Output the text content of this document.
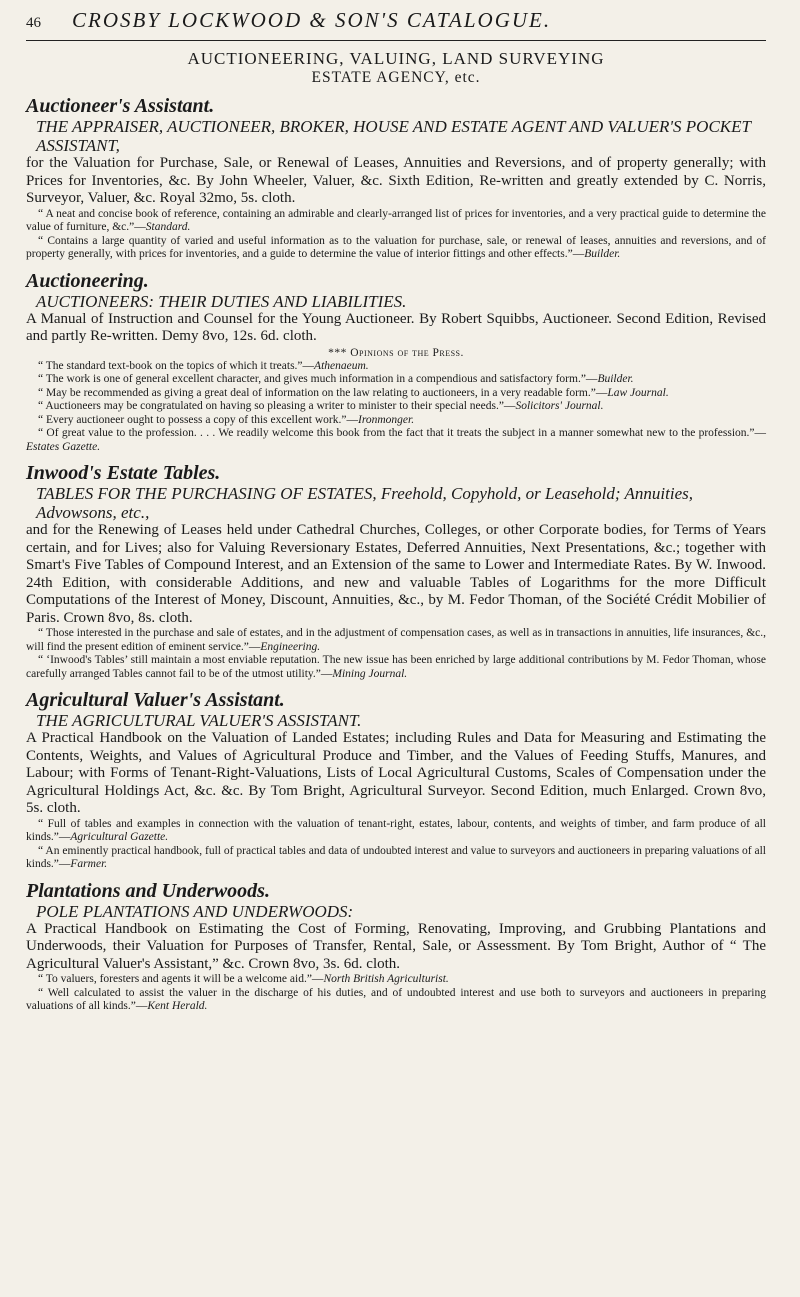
46	CROSBY LOCKWOOD & SON'S CATALOGUE.
AUCTIONEERING, VALUING, LAND SURVEYING
ESTATE AGENCY, etc.
Auctioneer's Assistant.
THE APPRAISER, AUCTIONEER, BROKER, HOUSE AND ESTATE AGENT AND VALUER'S POCKET ASSISTANT,

for the Valuation for Purchase, Sale, or Renewal of Leases, Annuities and Reversions, and of property generally; with Prices for Inventories, &c. By John Wheeler, Valuer, &c. Sixth Edition, Re-written and greatly extended by C. Norris, Surveyor, Valuer, &c. Royal 32mo, 5s. cloth.

“ A neat and concise book of reference, containing an admirable and clearly-arranged list of prices for inventories, and a very practical guide to determine the value of furniture, &c.”—Standard.

“ Contains a large quantity of varied and useful information as to the valuation for purchase, sale, or renewal of leases, annuities and reversions, and of property generally, with prices for inventories, and a guide to determine the value of interior fittings and other effects.”—Builder.

Auctioneering.
AUCTIONEERS: THEIR DUTIES AND LIABILITIES.

A Manual of Instruction and Counsel for the Young Auctioneer. By Robert Squibbs, Auctioneer. Second Edition, Revised and partly Re-written. Demy 8vo, 12s. 6d. cloth.

*** Opinions of the Press.

“ The standard text-book on the topics of which it treats.”—Athenaeum.

“ The work is one of general excellent character, and gives much information in a compendious and satisfactory form.”—Builder.

“ May be recommended as giving a great deal of information on the law relating to auctioneers, in a very readable form.”—Law Journal.

“ Auctioneers may be congratulated on having so pleasing a writer to minister to their special needs.”—Solicitors' Journal.

“ Every auctioneer ought to possess a copy of this excellent work.”—Ironmonger.

“ Of great value to the profession. . . . We readily welcome this book from the fact that it treats the subject in a manner somewhat new to the profession.”—Estates Gazette.

Inwood's Estate Tables.
TABLES FOR THE PURCHASING OF ESTATES, Freehold, Copyhold, or Leasehold; Annuities, Advowsons, etc.,

and for the Renewing of Leases held under Cathedral Churches, Colleges, or other Corporate bodies, for Terms of Years certain, and for Lives; also for Valuing Reversionary Estates, Deferred Annuities, Next Presentations, &c.; together with Smart's Five Tables of Compound Interest, and an Extension of the same to Lower and Intermediate Rates. By W. Inwood. 24th Edition, with considerable Additions, and new and valuable Tables of Logarithms for the more Difficult Computations of the Interest of Money, Discount, Annuities, &c., by M. Fedor Thoman, of the Société Crédit Mobilier of Paris. Crown 8vo, 8s. cloth.

“ Those interested in the purchase and sale of estates, and in the adjustment of compensation cases, as well as in transactions in annuities, life insurances, &c., will find the present edition of eminent service.”—Engineering.

“ ‘Inwood's Tables’ still maintain a most enviable reputation. The new issue has been enriched by large additional contributions by M. Fedor Thoman, whose carefully arranged Tables cannot fail to be of the utmost utility.”—Mining Journal.

Agricultural Valuer's Assistant.
THE AGRICULTURAL VALUER'S ASSISTANT.

A Practical Handbook on the Valuation of Landed Estates; including Rules and Data for Measuring and Estimating the Contents, Weights, and Values of Agricultural Produce and Timber, and the Values of Feeding Stuffs, Manures, and Labour; with Forms of Tenant-Right-Valuations, Lists of Local Agricultural Customs, Scales of Compensation under the Agricultural Holdings Act, &c. &c. By Tom Bright, Agricultural Surveyor. Second Edition, much Enlarged. Crown 8vo, 5s. cloth.

“ Full of tables and examples in connection with the valuation of tenant-right, estates, labour, contents, and weights of timber, and farm produce of all kinds.”—Agricultural Gazette.

“ An eminently practical handbook, full of practical tables and data of undoubted interest and value to surveyors and auctioneers in preparing valuations of all kinds.”—Farmer.

Plantations and Underwoods.
POLE PLANTATIONS AND UNDERWOODS:

A Practical Handbook on Estimating the Cost of Forming, Renovating, Improving, and Grubbing Plantations and Underwoods, their Valuation for Purposes of Transfer, Rental, Sale, or Assessment. By Tom Bright, Author of “ The Agricultural Valuer's Assistant,” &c. Crown 8vo, 3s. 6d. cloth.

“ To valuers, foresters and agents it will be a welcome aid.”—North British Agriculturist.

“ Well calculated to assist the valuer in the discharge of his duties, and of undoubted interest and use both to surveyors and auctioneers in preparing valuations of all kinds.”—Kent Herald.
